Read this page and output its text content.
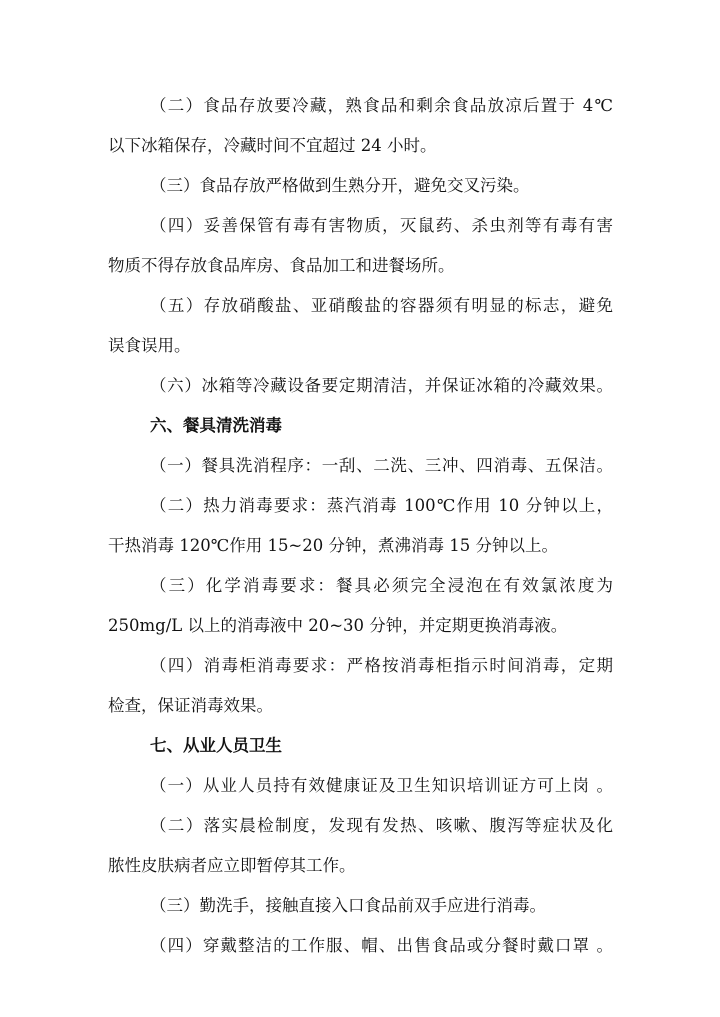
（二）食品存放要冷藏，熟食品和剩余食品放凉后置于 4℃
以下冰箱保存，冷藏时间不宜超过 24 小时。
（三）食品存放严格做到生熟分开，避免交叉污染。
（四）妥善保管有毒有害物质，灭鼠药、杀虫剂等有毒有害
物质不得存放食品库房、食品加工和进餐场所。
（五）存放硝酸盐、亚硝酸盐的容器须有明显的标志，避免
误食误用。
（六）冰箱等冷藏设备要定期清洁，并保证冰箱的冷藏效果。
六、餐具清洗消毒
（一）餐具洗消程序：一刮、二洗、三冲、四消毒、五保洁。
（二）热力消毒要求：蒸汽消毒 100℃作用 10 分钟以上，
干热消毒 120℃作用 15~20 分钟，煮沸消毒 15 分钟以上。
（三）化学消毒要求：餐具必须完全浸泡在有效氯浓度为
250mg/L 以上的消毒液中 20~30 分钟，并定期更换消毒液。
（四）消毒柜消毒要求：严格按消毒柜指示时间消毒，定期
检查，保证消毒效果。
七、从业人员卫生
（一）从业人员持有效健康证及卫生知识培训证方可上岗 。
（二）落实晨检制度，发现有发热、咳嗽、腹泻等症状及化
脓性皮肤病者应立即暂停其工作。
（三）勤洗手，接触直接入口食品前双手应进行消毒。
（四）穿戴整洁的工作服、帽、出售食品或分餐时戴口罩 。
